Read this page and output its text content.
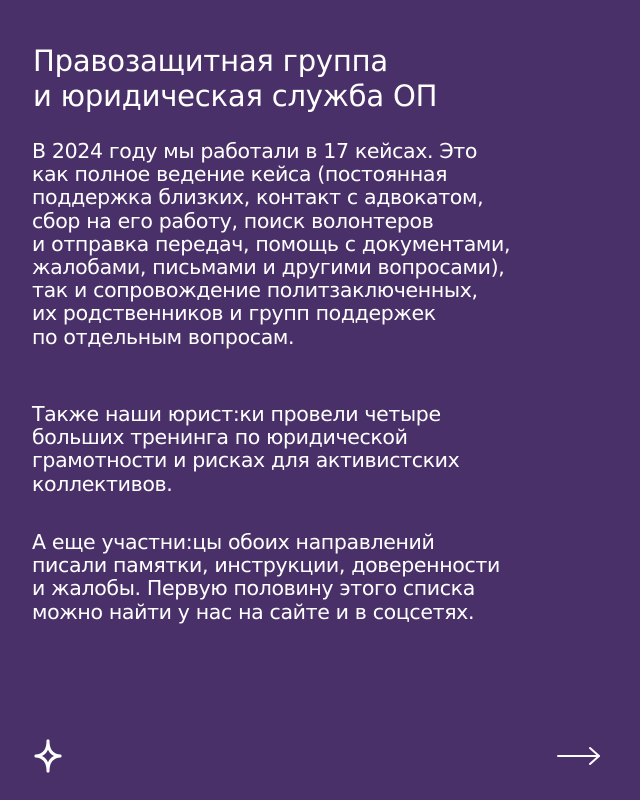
Правозащитная группа
и юридическая служба ОП

В 2024 году мы работали в 17 кейсах. Это
как полное ведение кейса (постоянная
поддержка близких, контакт с адвокатом,
сбор на его работу, поиск волонтеров
и отправка передач, помощь с документами,
жалобами, письмами и другими вопросами),
так и сопровождение политзаключенных,
их родственников и групп поддержек
по отдельным вопросам.

Также наши юрист:ки провели четыре
больших тренинга по юридической
грамотности и рисках для активистских
коллективов.

А еще участни:цы обоих направлений
писали памятки, инструкции, доверенности
и жалобы. Первую половину этого списка
можно найти у нас на сайте и в соцсетях.
